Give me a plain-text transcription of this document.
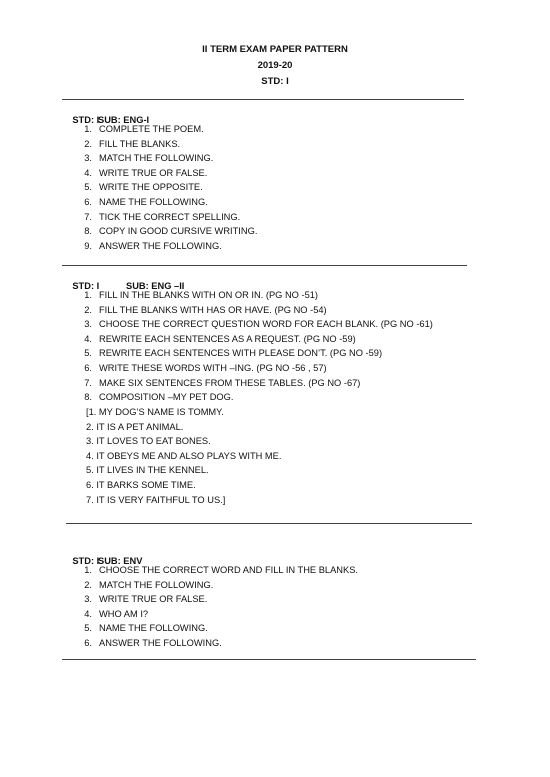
II TERM EXAM PAPER PATTERN
2019-20
STD: I

STD: I
SUB: ENG-I

1. COMPLETE THE POEM.
2. FILL THE BLANKS.
3. MATCH THE FOLLOWING.
4. WRITE TRUE OR FALSE.
5. WRITE THE OPPOSITE.
6. NAME THE FOLLOWING.
7. TICK THE CORRECT SPELLING.
8. COPY IN GOOD CURSIVE WRITING.
9. ANSWER THE FOLLOWING.

STD: I	SUB: ENG –II

1. FILL IN THE BLANKS WITH ON OR IN. (PG NO -51)
2. FILL THE BLANKS WITH HAS OR HAVE. (PG NO -54)
3. CHOOSE THE CORRECT QUESTION WORD FOR EACH BLANK. (PG NO -61)
4. REWRITE EACH SENTENCES AS A REQUEST. (PG NO -59)
5. REWRITE EACH SENTENCES WITH PLEASE DON’T. (PG NO -59)
6. WRITE THESE WORDS WITH –ING. (PG NO -56 , 57)
7. MAKE SIX SENTENCES FROM THESE TABLES. (PG NO -67)
8. COMPOSITION –MY PET DOG.
[1. MY DOG’S NAME IS TOMMY.
2. IT IS A PET ANIMAL.
3. IT LOVES TO EAT BONES.
4. IT OBEYS ME AND ALSO PLAYS WITH ME.
5. IT LIVES IN THE KENNEL.
6. IT BARKS SOME TIME.
7. IT IS VERY FAITHFUL TO US.]

STD: I
SUB: ENV

1. CHOOSE THE CORRECT WORD AND FILL IN THE BLANKS.
2. MATCH THE FOLLOWING.
3. WRITE TRUE OR FALSE.
4. WHO AM I?
5. NAME THE FOLLOWING.
6. ANSWER THE FOLLOWING.
